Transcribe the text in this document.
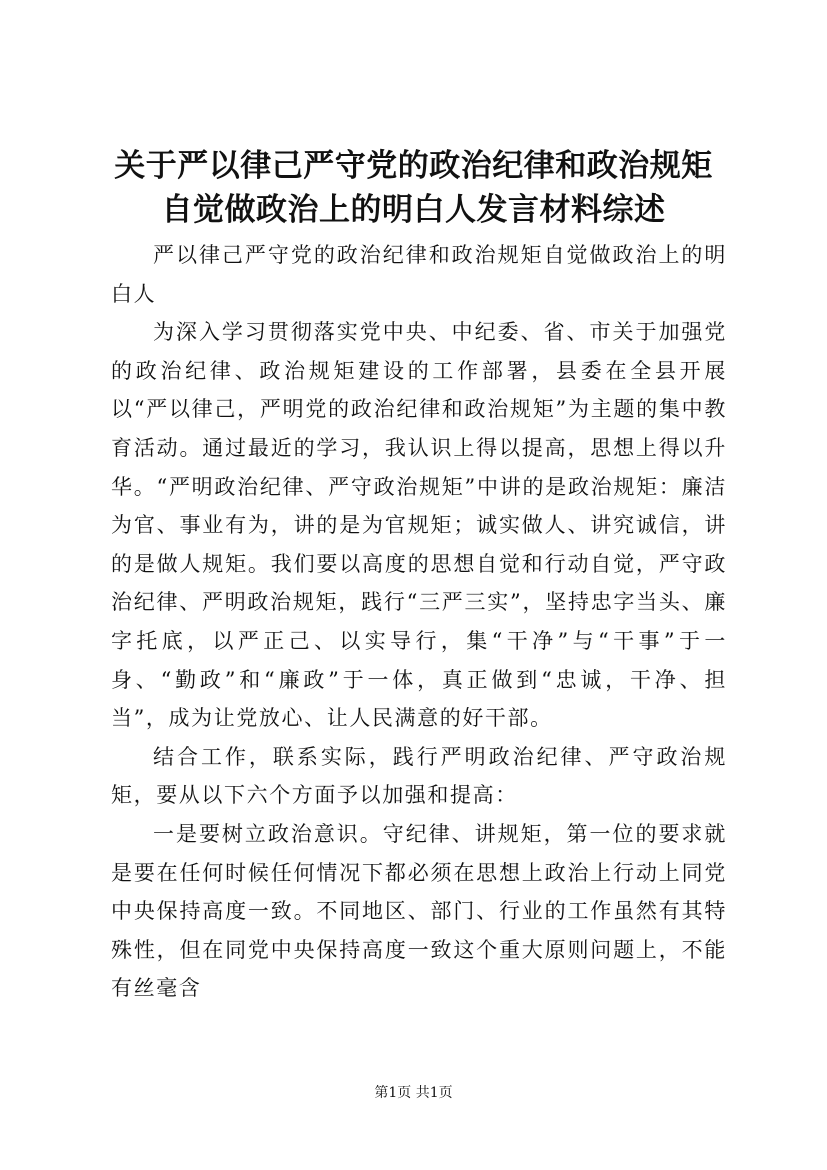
关于严以律己严守党的政治纪律和政治规矩自觉做政治上的明白人发言材料综述

严以律己严守党的政治纪律和政治规矩自觉做政治上的明白人

为深入学习贯彻落实党中央、中纪委、省、市关于加强党的政治纪律、政治规矩建设的工作部署，县委在全县开展以“严以律己，严明党的政治纪律和政治规矩”为主题的集中教育活动。通过最近的学习，我认识上得以提高，思想上得以升华。“严明政治纪律、严守政治规矩”中讲的是政治规矩：廉洁为官、事业有为，讲的是为官规矩；诚实做人、讲究诚信，讲的是做人规矩。我们要以高度的思想自觉和行动自觉，严守政治纪律、严明政治规矩，践行“三严三实”，坚持忠字当头、廉字托底，以严正己、以实导行，集“干净”与“干事”于一身、“勤政”和“廉政”于一体，真正做到“忠诚，干净、担当”，成为让党放心、让人民满意的好干部。

结合工作，联系实际，践行严明政治纪律、严守政治规矩，要从以下六个方面予以加强和提高：

一是要树立政治意识。守纪律、讲规矩，第一位的要求就是要在任何时候任何情况下都必须在思想上政治上行动上同党中央保持高度一致。不同地区、部门、行业的工作虽然有其特殊性，但在同党中央保持高度一致这个重大原则问题上，不能有丝毫含

第1页 共1页
